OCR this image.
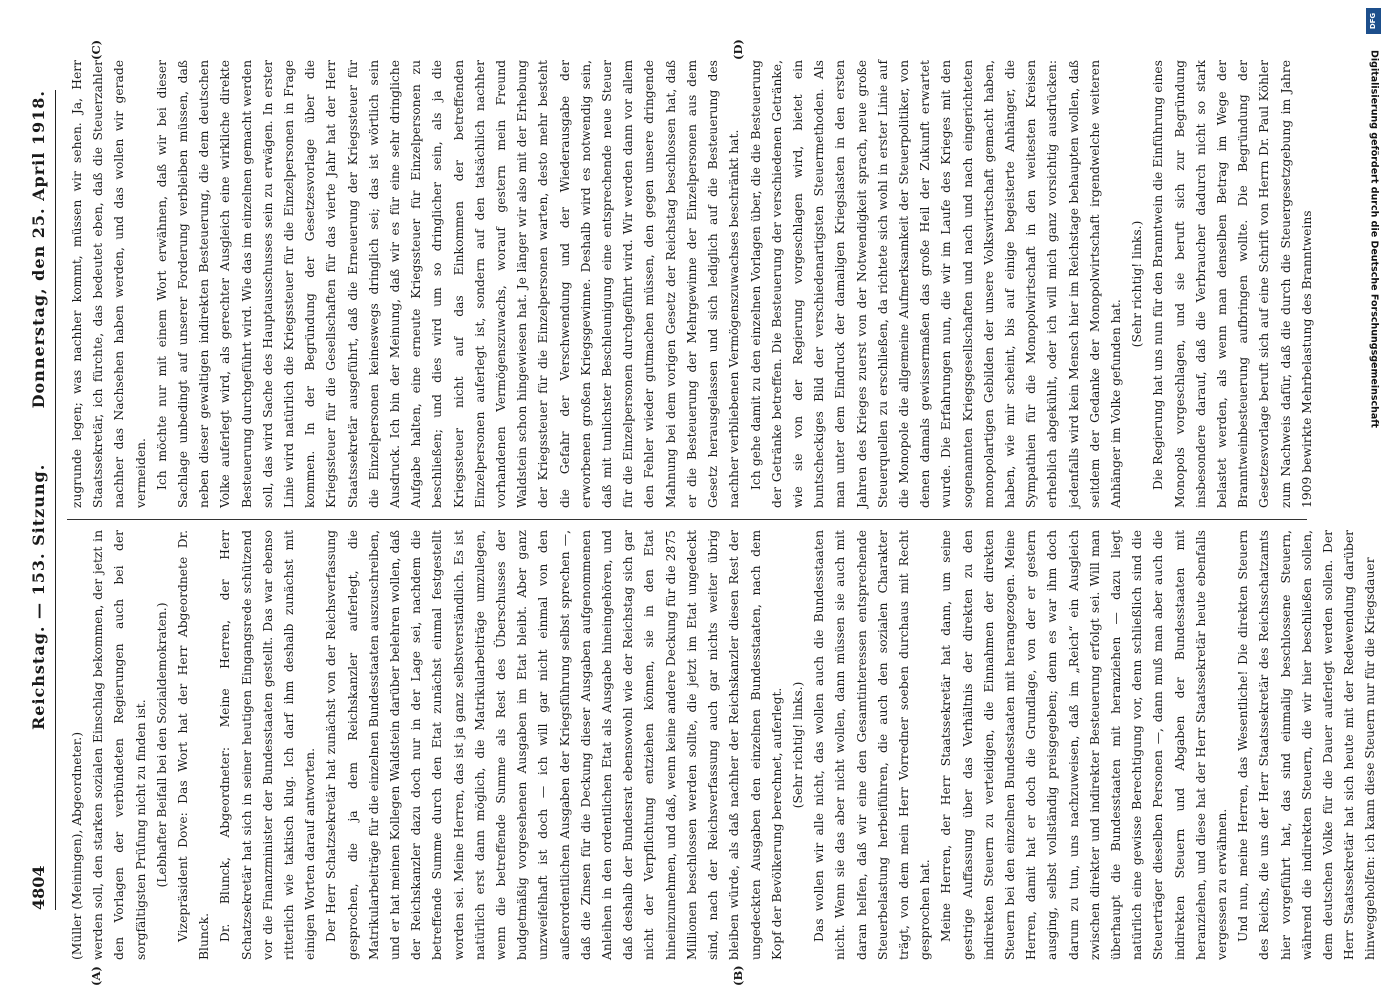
4804
Reichstag. — 153. Sitzung.
Donnerstag, den 25. April 1918.

(Müller (Meiningen), Abgeordneter.) werden soll, den starken sozialen Einschlag bekommen, der jetzt in den Vorlagen der verbündeten Regierungen auch bei der sorgfältigsten Prüfung nicht zu finden ist. (Lebhafter Beifall bei den Sozialdemokraten.) Vizepräsident Dove: Das Wort hat der Herr Abgeordnete Dr. Blunck. Dr. Blunck, Abgeordneter: Meine Herren, der Herr Schatzsekretär hat sich in seiner heutigen Eingangsrede schützend vor die Finanzminister der Bundesstaaten gestellt. Das war ebenso ritterlich wie taktisch klug. Ich darf ihm deshalb zunächst mit einigen Worten darauf antworten. Der Herr Schatzsekretär hat zunächst von der Reichsverfassung gesprochen, die ja dem Reichskanzler auferlegt, die Matrikularbeiträge für die einzelnen Bundesstaaten auszuschreiben, und er hat meinen Kollegen Waldstein darüber belehren wollen, daß der Reichskanzler dazu doch nur in der Lage sei, nachdem die betreffende Summe durch den Etat zunächst einmal festgestellt worden sei. Meine Herren, das ist ja ganz selbstverständlich. Es ist natürlich erst dann möglich, die Matrikularbeiträge umzulegen, wenn die betreffende Summe als Rest des Überschusses der budgetmäßig vorgesehenen Ausgaben im Etat bleibt. Aber ganz unzweifelhaft ist doch — ich will gar nicht einmal von den außerordentlichen Ausgaben der Kriegsführung selbst sprechen —, daß die Zinsen für die Deckung dieser Ausgaben aufgenommenen Anleihen in den ordentlichen Etat als Ausgabe hineingehören, und daß deshalb der Bundesrat ebensowohl wie der Reichstag sich gar nicht der Verpflichtung entziehen können, sie in den Etat hineinzunehmen, und daß, wenn keine andere Deckung für die 2875 Millionen beschlossen werden sollte, die jetzt im Etat ungedeckt sind, nach der Reichsverfassung auch gar nichts weiter übrig bleiben würde, als daß nachher der Reichskanzler diesen Rest der ungedeckten Ausgaben den einzelnen Bundesstaaten, nach dem Kopf der Bevölkerung berechnet, auferlegt. (Sehr richtig! links.) Das wollen wir alle nicht, das wollen auch die Bundesstaaten nicht. Wenn sie das aber nicht wollen, dann müssen sie auch mit daran helfen, daß wir eine den Gesamtinteressen entsprechende Steuerbelastung herbeiführen, die auch den sozialen Charakter trägt, von dem mein Herr Vorredner soeben durchaus mit Recht gesprochen hat. Meine Herren, der Herr Staatssekretär hat dann, um seine gestrige Auffassung über das Verhältnis der direkten zu den indirekten Steuern zu verteidigen, die Einnahmen der direkten Steuern bei den einzelnen Bundesstaaten mit herangezogen. Meine Herren, damit hat er doch die Grundlage, von der er gestern ausging, selbst vollständig preisgegeben; denn es war ihm doch darum zu tun, uns nachzuweisen, daß im „Reich“ ein Ausgleich zwischen direkter und indirekter Besteuerung erfolgt sei. Will man überhaupt die Bundesstaaten mit heranziehen — dazu liegt natürlich eine gewisse Berechtigung vor, denn schließlich sind die Steuerträger dieselben Personen —, dann muß man aber auch die indirekten Steuern und Abgaben der Bundesstaaten mit heranziehen, und diese hat der Herr Staatssekretär heute ebenfalls vergessen zu erwähnen. Und nun, meine Herren, das Wesentliche! Die direkten Steuern des Reichs, die uns der Herr Staatssekretär des Reichsschatzamts hier vorgeführt hat, das sind einmalig beschlossene Steuern, während die indirekten Steuern, die wir hier beschließen sollen, dem deutschen Volke für die Dauer auferlegt werden sollen. Der Herr Staatssekretär hat sich heute mit der Redewendung darüber hinweggeholfen: ich kann diese Steuern nur für die Kriegsdauer

zugrunde legen; was nachher kommt, müssen wir sehen. Ja, Herr Staatssekretär, ich fürchte, das bedeutet eben, daß die Steuerzahler nachher das Nachsehen haben werden, und das wollen wir gerade vermeiden. Ich möchte nur mit einem Wort erwähnen, daß wir bei dieser Sachlage unbedingt auf unserer Forderung verbleiben müssen, daß neben dieser gewaltigen indirekten Besteuerung, die dem deutschen Volke auferlegt wird, als gerechter Ausgleich eine wirkliche direkte Besteuerung durchgeführt wird. Wie das im einzelnen gemacht werden soll, das wird Sache des Hauptausschusses sein zu erwägen. In erster Linie wird natürlich die Kriegssteuer für die Einzelpersonen in Frage kommen. In der Begründung der Gesetzesvorlage über die Kriegssteuer für die Gesellschaften für das vierte Jahr hat der Herr Staatssekretär ausgeführt, daß die Erneuerung der Kriegssteuer für die Einzelpersonen keineswegs dringlich sei; das ist wörtlich sein Ausdruck. Ich bin der Meinung, daß wir es für eine sehr dringliche Aufgabe halten, eine erneute Kriegssteuer für Einzelpersonen zu beschließen; und dies wird um so dringlicher sein, als ja die Kriegssteuer nicht auf das Einkommen der betreffenden Einzelpersonen auferlegt ist, sondern auf den tatsächlich nachher vorhandenen Vermögenszuwachs, worauf gestern mein Freund Waldstein schon hingewiesen hat. Je länger wir also mit der Erhebung der Kriegssteuer für die Einzelpersonen warten, desto mehr besteht die Gefahr der Verschwendung und der Wiederausgabe der erworbenen großen Kriegsgewinne. Deshalb wird es notwendig sein, daß mit tunlichster Beschleunigung eine entsprechende neue Steuer für die Einzelpersonen durchgeführt wird. Wir werden dann vor allem den Fehler wieder gutmachen müssen, den gegen unsere dringende Mahnung bei dem vorigen Gesetz der Reichstag beschlossen hat, daß er die Besteuerung der Mehrgewinne der Einzelpersonen aus dem Gesetz herausgelassen und sich lediglich auf die Besteuerung des nachher verbliebenen Vermögenszuwachses beschränkt hat. Ich gehe damit zu den einzelnen Vorlagen über, die die Besteuerung der Getränke betreffen. Die Besteuerung der verschiedenen Getränke, wie sie von der Regierung vorgeschlagen wird, bietet ein buntscheckiges Bild der verschiedenartigsten Steuermethoden. Als man unter dem Eindruck der damaligen Kriegslasten in den ersten Jahren des Krieges zuerst von der Notwendigkeit sprach, neue große Steuerquellen zu erschließen, da richtete sich wohl in erster Linie auf die Monopole die allgemeine Aufmerksamkeit der Steuerpolitiker, von denen damals gewissermaßen das große Heil der Zukunft erwartet wurde. Die Erfahrungen nun, die wir im Laufe des Krieges mit den sogenannten Kriegsgesellschaften und nach und nach eingerichteten monopolartigen Gebilden der unsere Volkswirtschaft gemacht haben, haben, wie mir scheint, bis auf einige begeisterte Anhänger, die Sympathien für die Monopolwirtschaft in den weitesten Kreisen erheblich abgekühlt, oder ich will mich ganz vorsichtig ausdrücken: jedenfalls wird kein Mensch hier im Reichstage behaupten wollen, daß seitdem der Gedanke der Monopolwirtschaft irgendwelche weiteren Anhänger im Volke gefunden hat.

(Sehr richtig! links.) Die Regierung hat uns nun für den Branntwein die Einführung eines Monopols vorgeschlagen, und sie beruft sich zur Begründung insbesondere darauf, daß die Verbraucher dadurch nicht so stark belastet werden, als wenn man denselben Betrag im Wege der Branntweinbesteuerung aufbringen wollte. Die Begründung der Gesetzesvorlage beruft sich auf eine Schrift von Herrn Dr. Paul Köhler zum Nachweis dafür, daß die durch die Steuergesetzgebung im Jahre 1909 bewirkte Mehrbelastung des Branntweins

(A)	(B)
(C)	(D)
DFG
Digitalisierung gefördert durch die Deutsche Forschungsgemeinschaft
